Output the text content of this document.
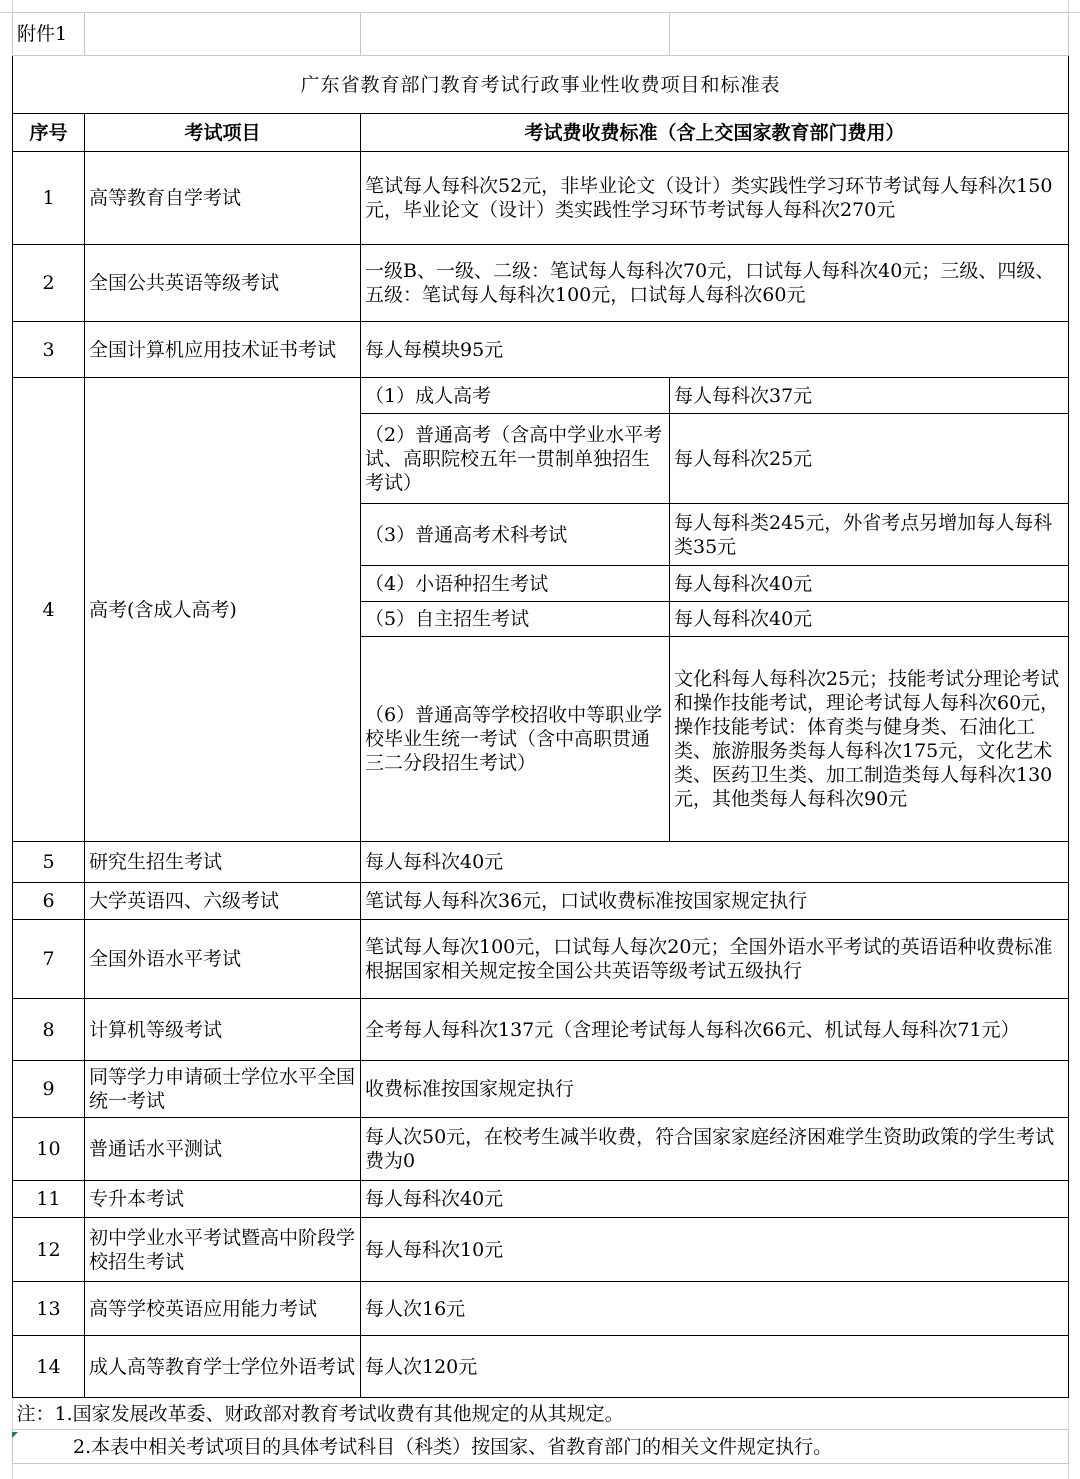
附件1			
广东省教育部门教育考试行政事业性收费项目和标准表			
序号	考试项目	考试费收费标准（含上交国家教育部门费用）	
1	高等教育自学考试	笔试每人每科次52元，非毕业论文（设计）类实践性学习环节考试每人每科次150元，毕业论文（设计）类实践性学习环节考试每人每科次270元	
2	全国公共英语等级考试	一级B、一级、二级：笔试每人每科次70元，口试每人每科次40元；三级、四级、五级：笔试每人每科次100元，口试每人每科次60元	
3	全国计算机应用技术证书考试	每人每模块95元	
4	高考(含成人高考)	（1）成人高考	每人每科次37元
		（2）普通高考（含高中学业水平考试、高职院校五年一贯制单独招生考试）	每人每科次25元
		（3）普通高考术科考试	每人每科类245元，外省考点另增加每人每科类35元
		（4）小语种招生考试	每人每科次40元
		（5）自主招生考试	每人每科次40元
		（6）普通高等学校招收中等职业学校毕业生统一考试（含中高职贯通三二分段招生考试）	文化科每人每科次25元；技能考试分理论考试和操作技能考试，理论考试每人每科次60元，操作技能考试：体育类与健身类、石油化工类、旅游服务类每人每科次175元，文化艺术类、医药卫生类、加工制造类每人每科次130元，其他类每人每科次90元
5	研究生招生考试	每人每科次40元	
6	大学英语四、六级考试	笔试每人每科次36元，口试收费标准按国家规定执行	
7	全国外语水平考试	笔试每人每次100元，口试每人每次20元；全国外语水平考试的英语语种收费标准根据国家相关规定按全国公共英语等级考试五级执行	
8	计算机等级考试	全考每人每科次137元（含理论考试每人每科次66元、机试每人每科次71元）	
9	同等学力申请硕士学位水平全国统一考试	收费标准按国家规定执行	
10	普通话水平测试	每人次50元，在校考生减半收费，符合国家家庭经济困难学生资助政策的学生考试费为0	
11	专升本考试	每人每科次40元	
12	初中学业水平考试暨高中阶段学校招生考试	每人每科次10元	
13	高等学校英语应用能力考试	每人次16元	
14	成人高等教育学士学位外语考试	每人次120元	
注：1.国家发展改革委、财政部对教育考试收费有其他规定的从其规定。			
2.本表中相关考试项目的具体考试科目（科类）按国家、省教育部门的相关文件规定执行。			
